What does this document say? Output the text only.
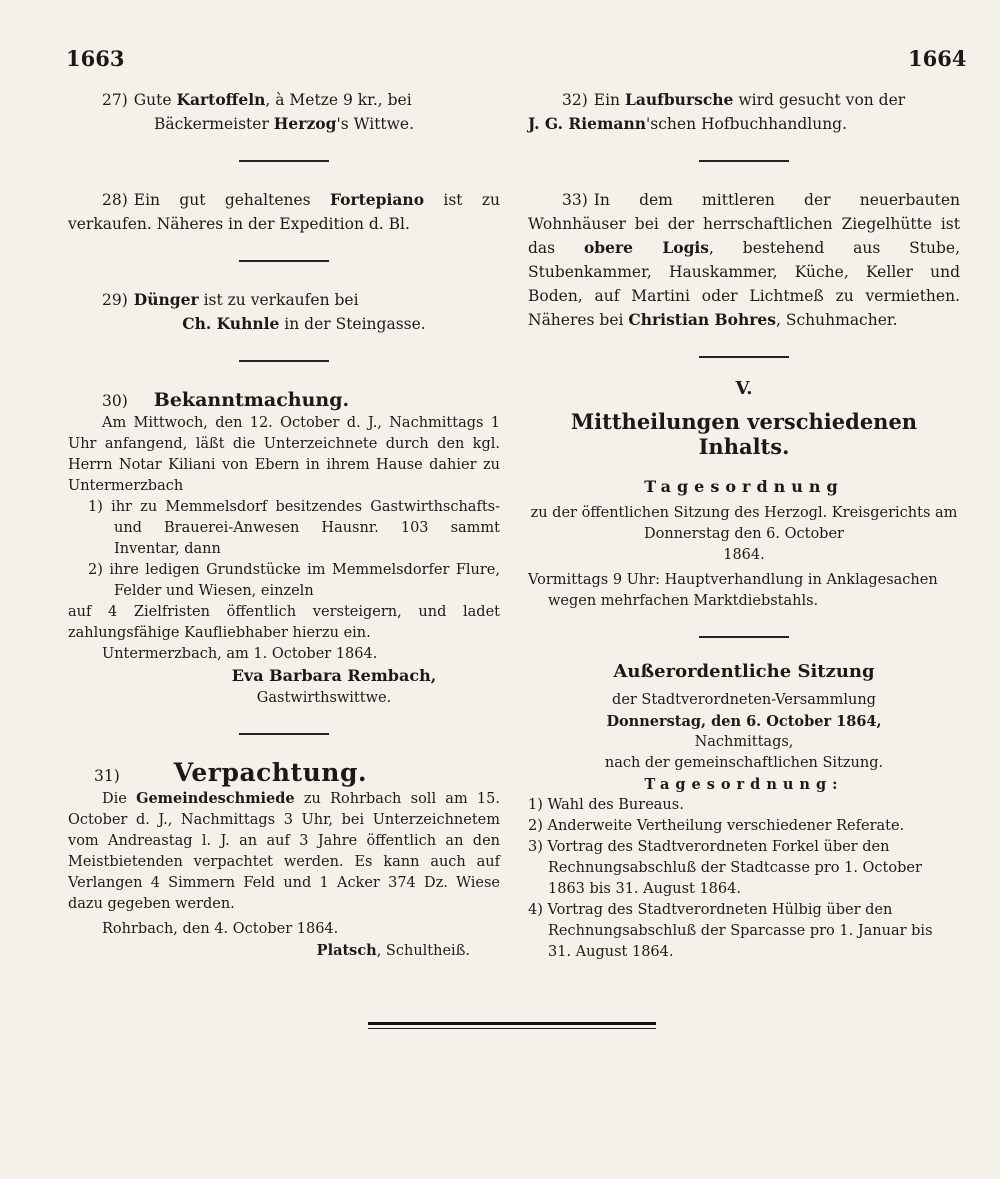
1663	1664

27) Gute Kartoffeln, à Metze 9 kr., bei

Bäckermeister Herzog's Wittwe.

28) Ein gut gehaltenes Fortepiano ist zu verkaufen. Näheres in der Expedition d. Bl.

29) Dünger ist zu verkaufen bei

Ch. Kuhnle in der Steingasse.

30) Bekanntmachung.

Am Mittwoch, den 12. October d. J., Nachmittags 1 Uhr anfangend, läßt die Unterzeichnete durch den kgl. Herrn Notar Kiliani von Ebern in ihrem Hause dahier zu Untermerzbach

1) ihr zu Memmelsdorf besitzendes Gastwirthschafts- und Brauerei-Anwesen Hausnr. 103 sammt Inventar, dann

2) ihre ledigen Grundstücke im Memmelsdorfer Flure, Felder und Wiesen, einzeln

auf 4 Zielfristen öffentlich versteigern, und ladet zahlungsfähige Kaufliebhaber hierzu ein.

Untermerzbach, am 1. October 1864.

Eva Barbara Rembach,

Gastwirthswittwe.

31) Verpachtung.

Die Gemeindeschmiede zu Rohrbach soll am 15. October d. J., Nachmittags 3 Uhr, bei Unterzeichnetem vom Andreastag l. J. an auf 3 Jahre öffentlich an den Meistbietenden verpachtet werden. Es kann auch auf Verlangen 4 Simmern Feld und 1 Acker 374 Dz. Wiese dazu gegeben werden.

Rohrbach, den 4. October 1864.

Platsch, Schultheiß.

32) Ein Laufbursche wird gesucht von der

J. G. Riemann'schen Hofbuchhandlung.

33) In dem mittleren der neuerbauten Wohnhäuser bei der herrschaftlichen Ziegelhütte ist das obere Logis, bestehend aus Stube, Stubenkammer, Hauskammer, Küche, Keller und Boden, auf Martini oder Lichtmeß zu vermiethen. Näheres bei Christian Bohres, Schuhmacher.

V.
Mittheilungen verschiedenen Inhalts.

Tagesordnung

zu der öffentlichen Sitzung des Herzogl. Kreisgerichts am Donnerstag den 6. October

1864.

Vormittags 9 Uhr: Hauptverhandlung in Anklagesachen wegen mehrfachen Marktdiebstahls.

Außerordentliche Sitzung

der Stadtverordneten-Versammlung

Donnerstag, den 6. October 1864,

Nachmittags,

nach der gemeinschaftlichen Sitzung.

Tagesordnung:

1) Wahl des Bureaus.

2) Anderweite Vertheilung verschiedener Referate.

3) Vortrag des Stadtverordneten Forkel über den Rechnungsabschluß der Stadtcasse pro 1. October 1863 bis 31. August 1864.

4) Vortrag des Stadtverordneten Hülbig über den Rechnungsabschluß der Sparcasse pro 1. Januar bis 31. August 1864.
